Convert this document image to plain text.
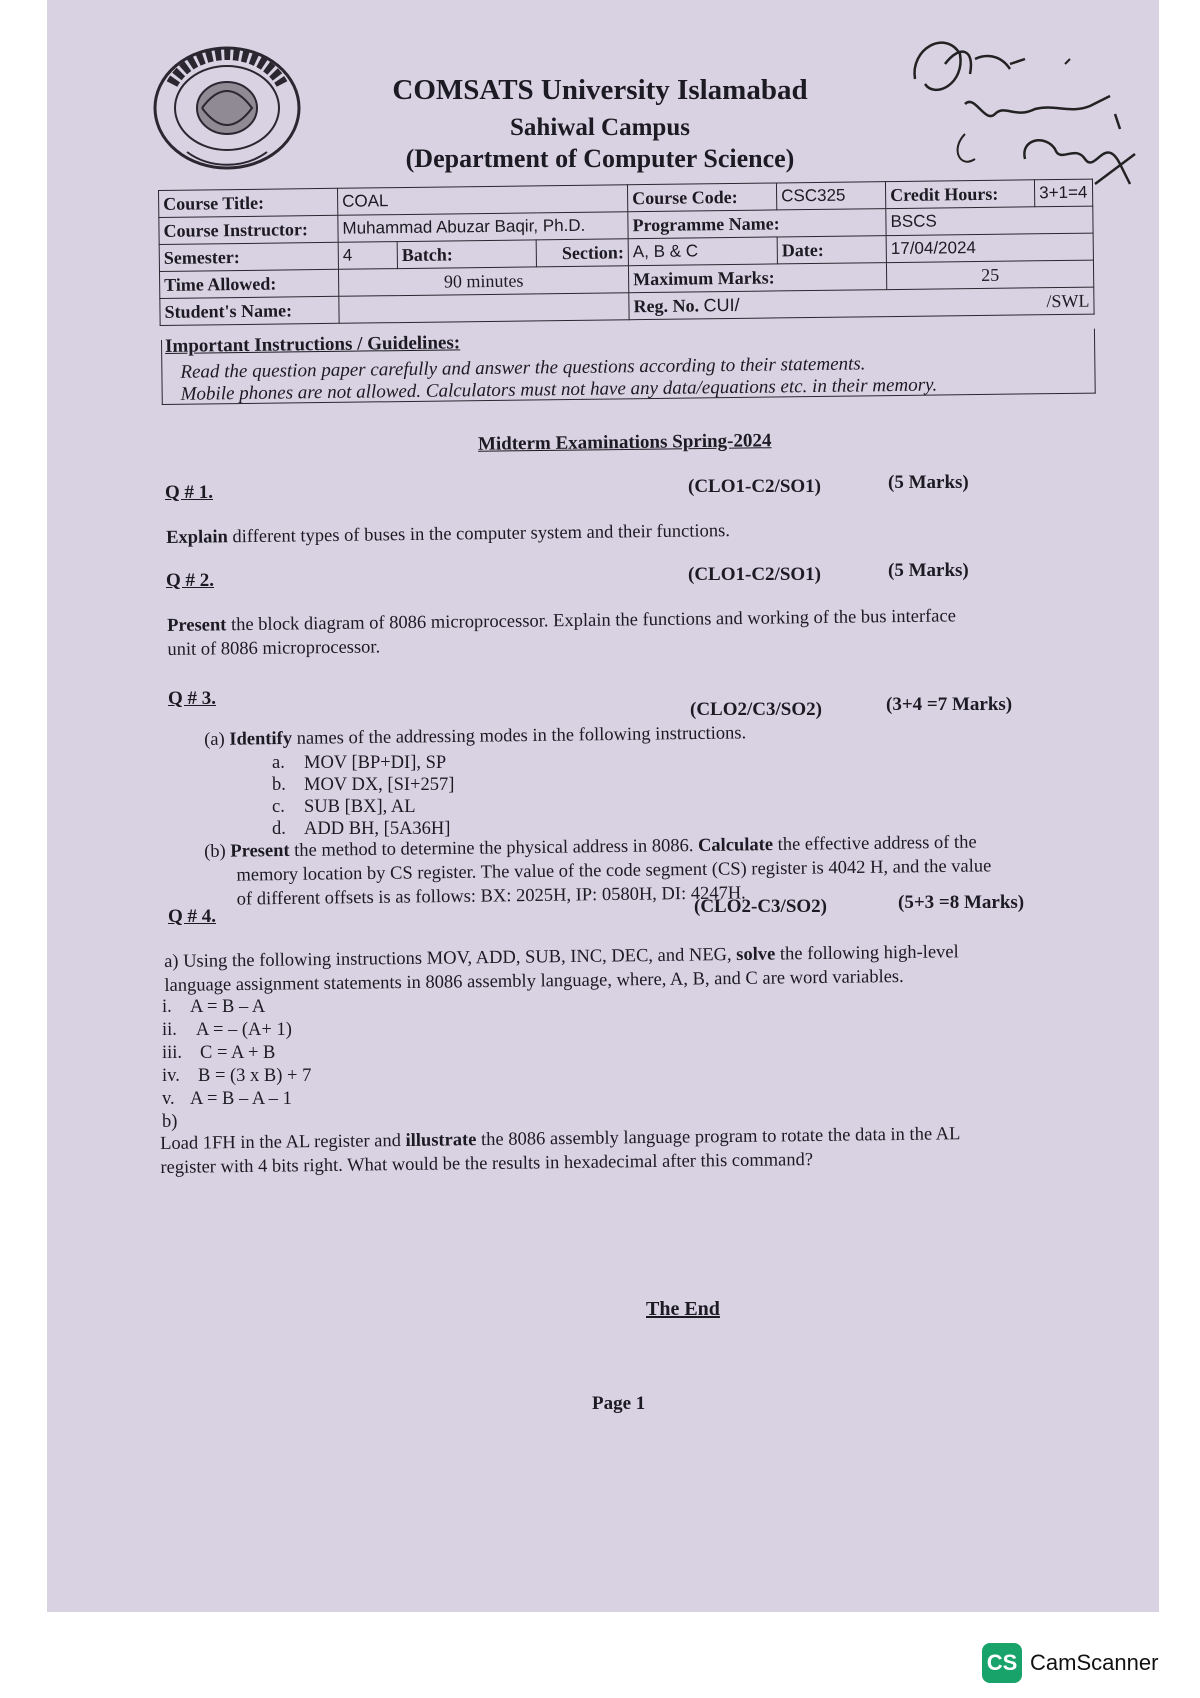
COMSATS University Islamabad
Sahiwal Campus
(Department of Computer Science)
Course Title:	COAL			Course Code:	CSC325	Credit Hours:	3+1=4
Course Instructor:	Muhammad Abuzar Baqir, Ph.D.			Programme Name:		BSCS	
Semester:	4	Batch:	Section:	A, B & C	Date:	17/04/2024	
Time Allowed:	90 minutes			Maximum Marks:		25	
Student's Name:				Reg. No. CUI/ /SWL			
Important Instructions / Guidelines:
Read the question paper carefully and answer the questions according to their statements.
Mobile phones are not allowed. Calculators must not have any data/equations etc. in their memory.
Midterm Examinations Spring-2024
Q # 1.	(CLO1-C2/SO1)	(5 Marks)
Explain different types of buses in the computer system and their functions.
Q # 2.	(CLO1-C2/SO1)	(5 Marks)
Present the block diagram of 8086 microprocessor. Explain the functions and working of the bus interface
unit of 8086 microprocessor.
Q # 3.
(CLO2/C3/SO2)	(3+4 =7 Marks)
(a) Identify names of the addressing modes in the following instructions.
a. MOV [BP+DI], SP
b. MOV DX, [SI+257]
c. SUB [BX], AL
d. ADD BH, [5A36H]
(b) Present the method to determine the physical address in 8086. Calculate the effective address of the
memory location by CS register. The value of the code segment (CS) register is 4042 H, and the value
of different offsets is as follows: BX: 2025H, IP: 0580H, DI: 4247H.
Q # 4.	(CLO2-C3/SO2)	(5+3 =8 Marks)
a) Using the following instructions MOV, ADD, SUB, INC, DEC, and NEG, solve the following high-level
language assignment statements in 8086 assembly language, where, A, B, and C are word variables.
i. A = B – A
ii. A = – (A+ 1)
iii. C = A + B
iv. B = (3 x B) + 7
v. A = B – A – 1
b)
Load 1FH in the AL register and illustrate the 8086 assembly language program to rotate the data in the AL
register with 4 bits right. What would be the results in hexadecimal after this command?
The End
Page 1
CS CamScanner
